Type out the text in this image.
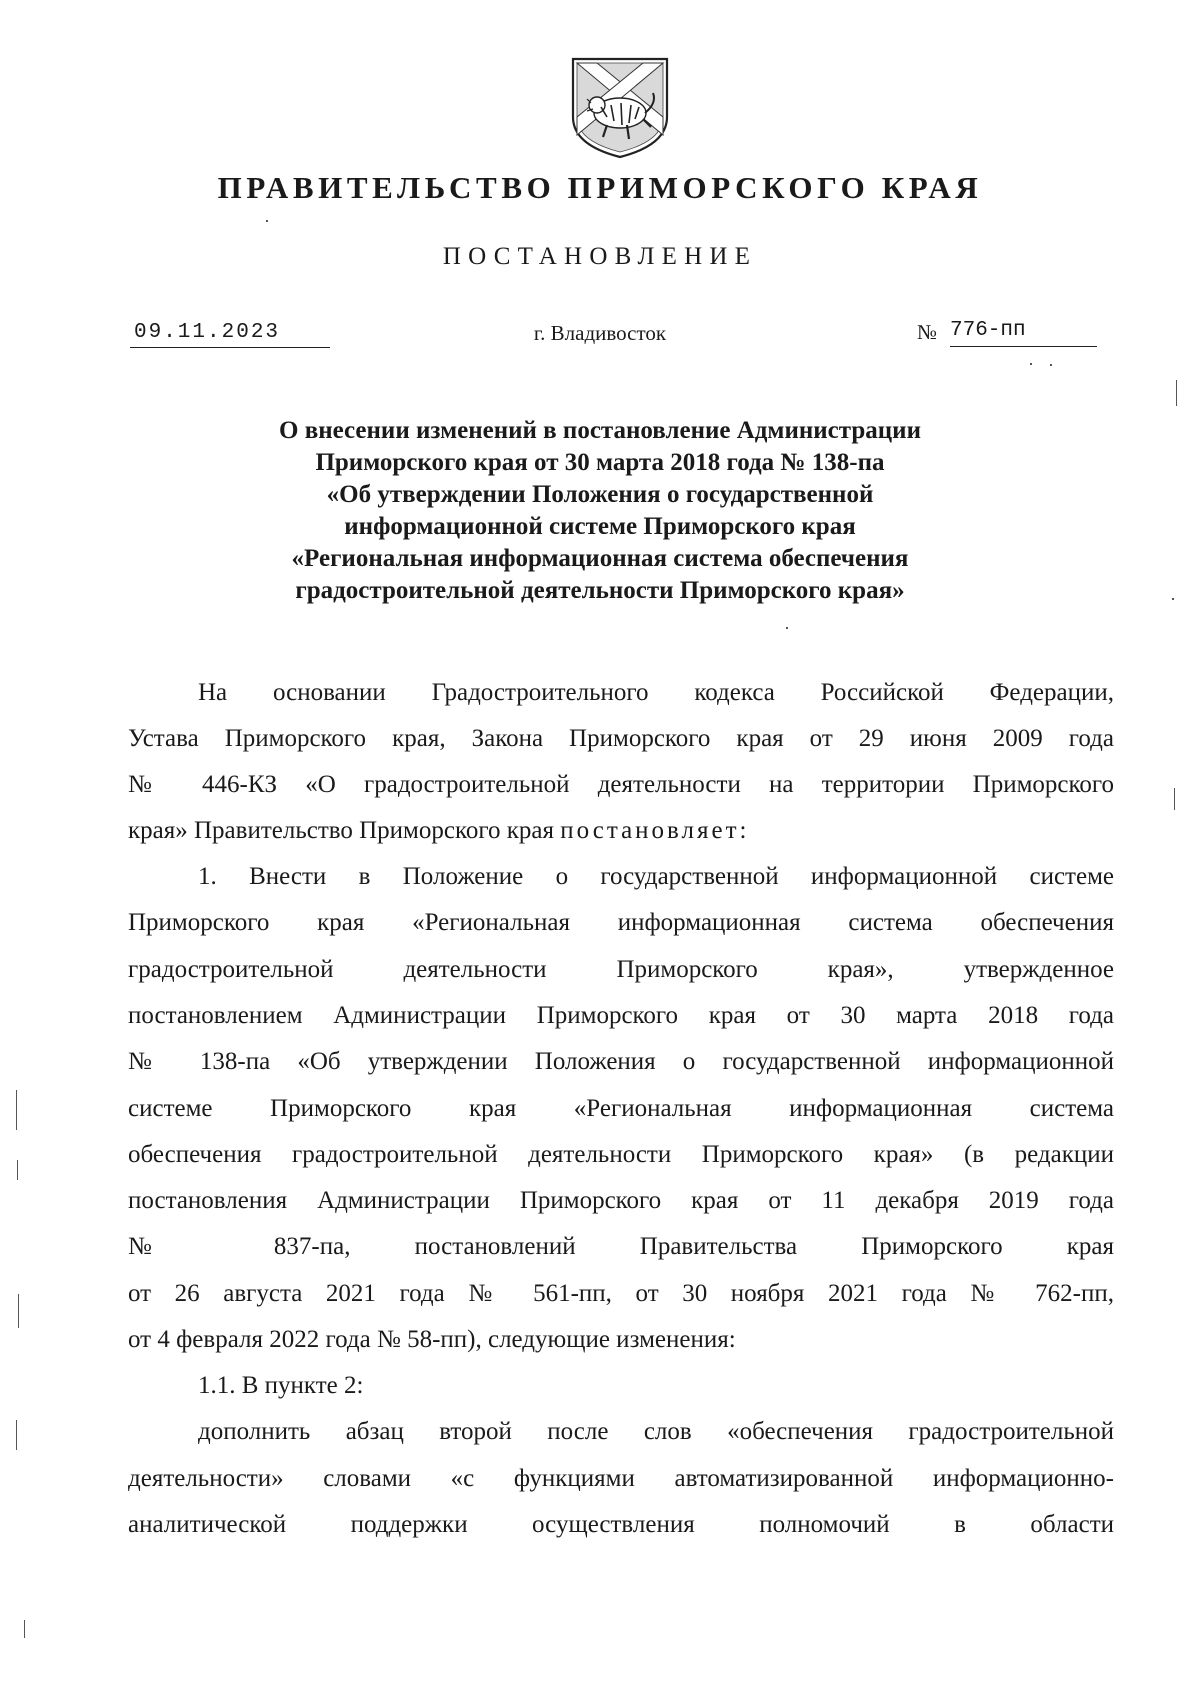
ПРАВИТЕЛЬСТВО ПРИМОРСКОГО КРАЯ
ПОСТАНОВЛЕНИЕ
09.11.2023	г. Владивосток	№ 776-пп
О внесении изменений в постановление Администрации
Приморского края от 30 марта 2018 года № 138-па
«Об утверждении Положения о государственной
информационной системе Приморского края
«Региональная информационная система обеспечения
градостроительной деятельности Приморского края»
На основании Градостроительного кодекса Российской Федерации,
Устава Приморского края, Закона Приморского края от 29 июня 2009 года
№ 446-КЗ «О градостроительной деятельности на территории Приморского
края» Правительство Приморского края постановляет:
1. Внести в Положение о государственной информационной системе
Приморского края «Региональная информационная система обеспечения
градостроительной деятельности Приморского края», утвержденное
постановлением Администрации Приморского края от 30 марта 2018 года
№ 138-па «Об утверждении Положения о государственной информационной
системе Приморского края «Региональная информационная система
обеспечения градостроительной деятельности Приморского края» (в редакции
постановления Администрации Приморского края от 11 декабря 2019 года
№ 837-па, постановлений Правительства Приморского края
от 26 августа 2021 года № 561-пп, от 30 ноября 2021 года № 762-пп,
от 4 февраля 2022 года № 58-пп), следующие изменения:
1.1. В пункте 2:
дополнить абзац второй после слов «обеспечения градостроительной
деятельности» словами «с функциями автоматизированной информационно-
аналитической поддержки осуществления полномочий в области
